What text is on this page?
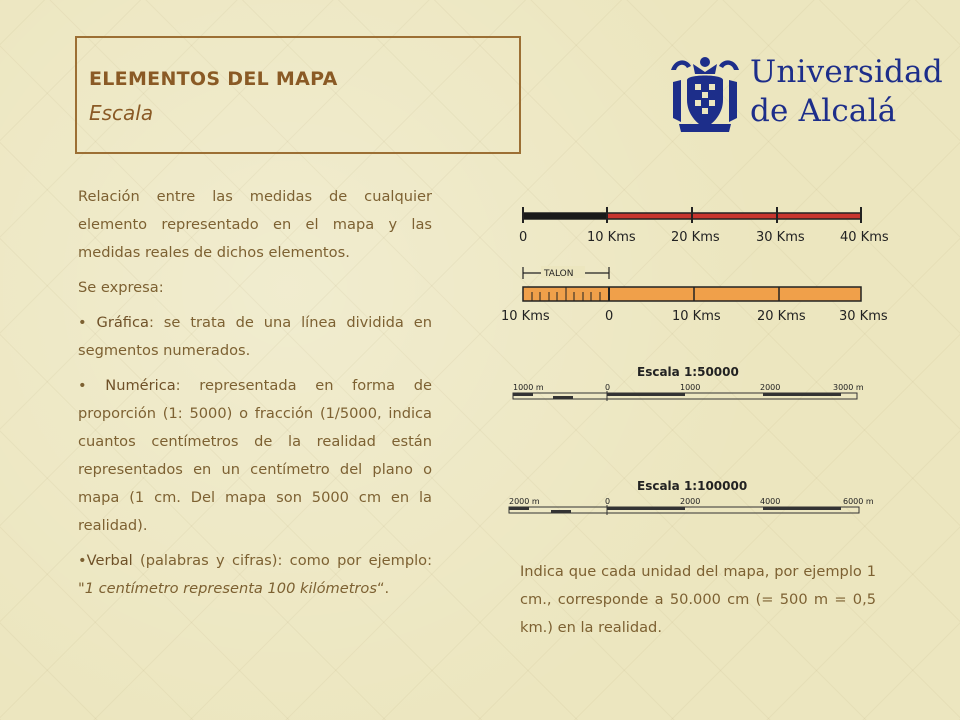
ELEMENTOS DEL MAPA
Escala
Universidad
de Alcalá

Relación entre las medidas de cualquier elemento representado en el mapa y las medidas reales de dichos elementos.

Se expresa:

• Gráfica: se trata de una línea dividida en segmentos numerados.

• Numérica: representada en forma de proporción (1: 5000) o fracción (1/5000, indica cuantos centímetros de la realidad están representados en un centímetro del plano o mapa (1 cm. Del mapa son 5000 cm en la realidad).

•Verbal (palabras y cifras): como por ejemplo: "1 centímetro representa 100 kilómetros“.

0	10 Kms	20 Kms	30 Kms	40 Kms
TALON
10 Kms	0	10 Kms	20 Kms	30 Kms
Escala 1:50000
1000 m	0	1000	2000	3000 m
Escala 1:100000
2000 m	0	2000	4000	6000 m
Indica que cada unidad del mapa, por ejemplo 1 cm., corresponde a 50.000 cm (= 500 m = 0,5 km.) en la realidad.
